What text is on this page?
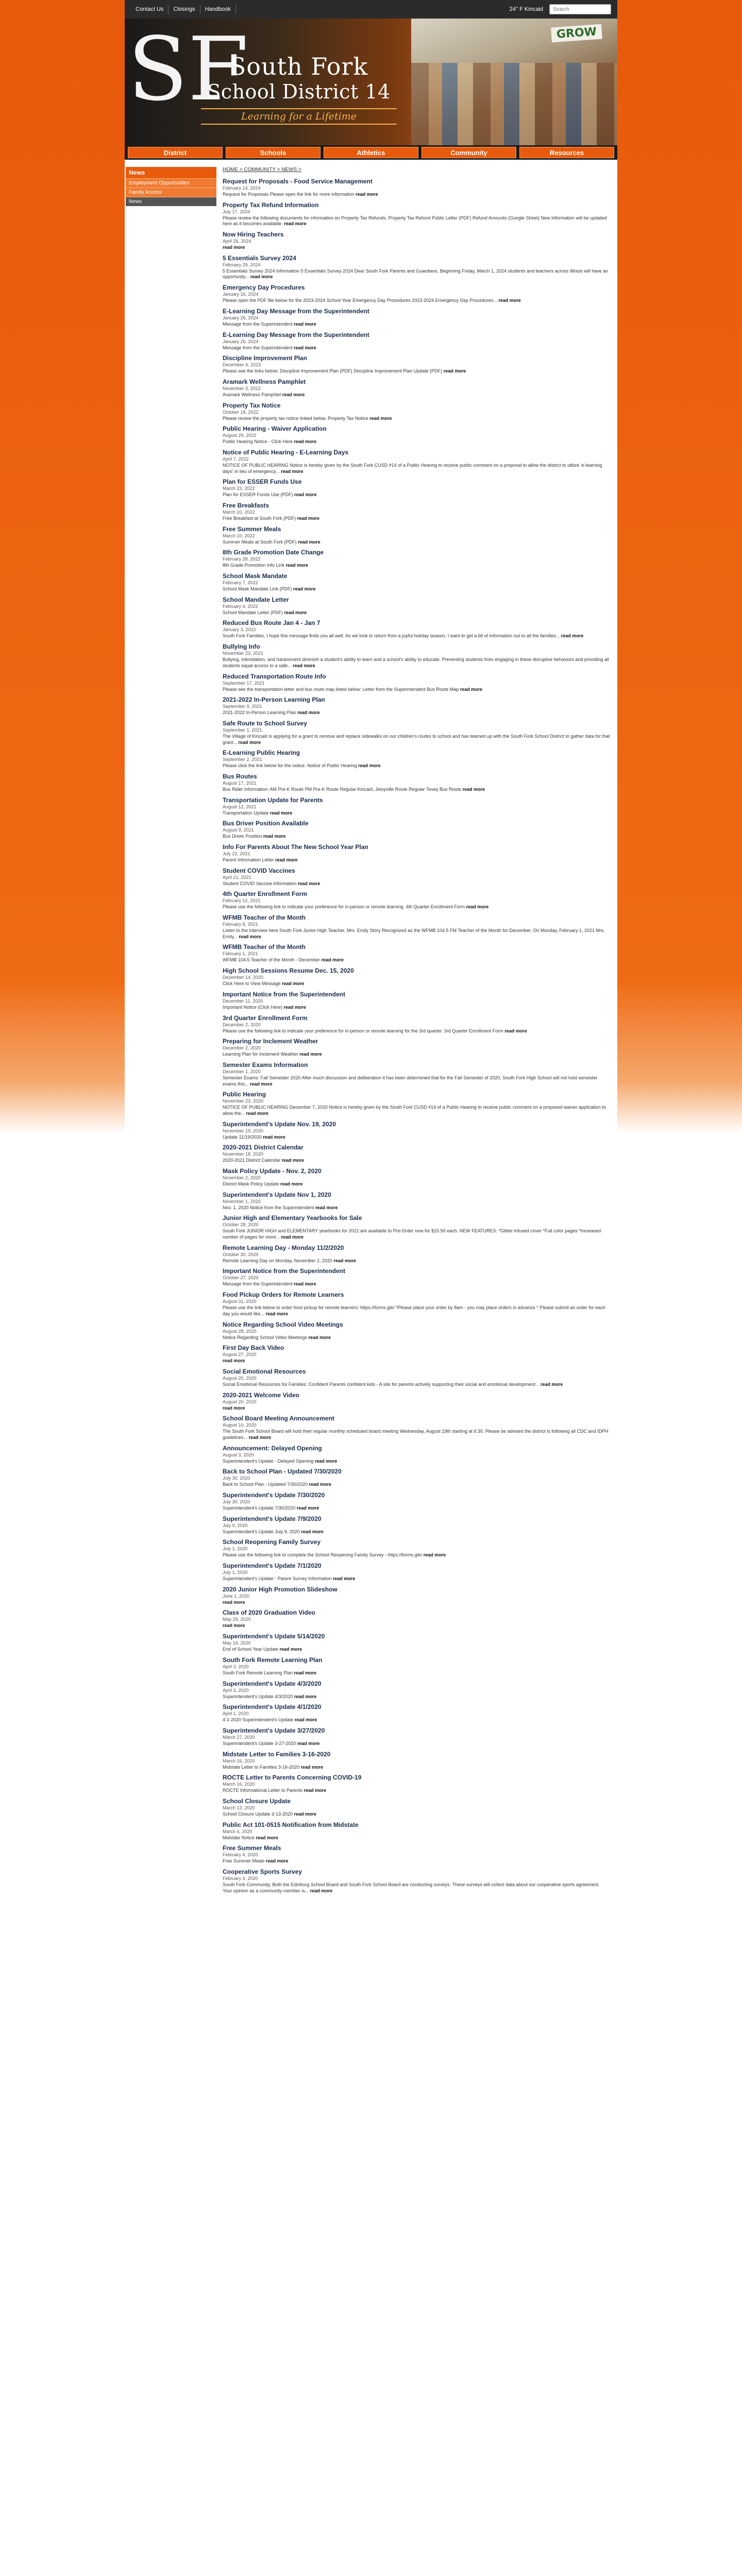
Contact Us	Closings	Handbook	24° F Kincaid
Search
SF
South Fork
School District 14
Learning for a Lifetime
GROW
District	Schools	Athletics	Community	Resources
News
Employment Opportunities
Family Access
News
HOME > COMMUNITY > NEWS >
Request for Proposals - Food Service Management
February 14, 2024
Request for Proposals Please open the link for more information read more
Property Tax Refund Information
July 17, 2024
Please review the following documents for information on Property Tax Refunds. Property Tax Refund Public Letter (PDF) Refund Amounts (Google Sheet) New Information will be updated here as it becomes available. read more
Now Hiring Teachers
April 26, 2024
read more
5 Essentials Survey 2024
February 29, 2024
5 Essentials Survey 2024 Information 5 Essentials Survey 2024 Dear South Fork Parents and Guardians, Beginning Friday, March 1, 2024 students and teachers across Illinois will have an opportunity... read more
Emergency Day Procedures
January 16, 2024
Please open the PDF file below for the 2023-2024 School Year Emergency Day Procedures 2023-2024 Emergency Day Procedures... read more
E-Learning Day Message from the Superintendent
January 26, 2024
Message from the Superintendent read more
E-Learning Day Message from the Superintendent
January 26, 2024
Message from the Superintendent read more
Discipline Improvement Plan
December 4, 2023
Please see the links below: Discipline Improvement Plan (PDF) Discipline Improvement Plan Update (PDF) read more
Aramark Wellness Pamphlet
November 3, 2022
Aramark Wellness Pamphlet read more
Property Tax Notice
October 18, 2022
Please review the property tax notice linked below. Property Tax Notice read more
Public Hearing - Waiver Application
August 29, 2022
Public Hearing Notice - Click Here read more
Notice of Public Hearing - E-Learning Days
April 7, 2022
NOTICE OF PUBLIC HEARING Notice is hereby given by the South Fork CUSD #14 of a Public Hearing to receive public comment on a proposal to allow the district to utilize 'e-learning days' in lieu of emergency... read more
Plan for ESSER Funds Use
March 23, 2022
Plan for ESSER Funds Use (PDF) read more
Free Breakfasts
March 10, 2022
Free Breakfast at South Fork (PDF) read more
Free Summer Meals
March 10, 2022
Summer Meals at South Fork (PDF) read more
8th Grade Promotion Date Change
February 28, 2022
8th Grade Promotion Info Link read more
School Mask Mandate
February 7, 2022
School Mask Mandate Link (PDF) read more
School Mandate Letter
February 4, 2022
School Mandate Letter (PDF) read more
Reduced Bus Route Jan 4 - Jan 7
January 3, 2022
South Fork Families, I hope this message finds you all well. As we look to return from a joyful holiday season, I want to get a bit of information out to all the families... read more
Bullying Info
November 23, 2021
Bullying, intimidation, and harassment diminish a student's ability to learn and a school's ability to educate. Preventing students from engaging in these disruptive behaviors and providing all students equal access to a safe... read more
Reduced Transportation Route Info
September 17, 2021
Please see the transportation letter and bus route map listed below: Letter from the Superintendent Bus Route Map read more
2021-2022 In-Person Learning Plan
September 9, 2021
2021-2022 In-Person Learning Plan read more
Safe Route to School Survey
September 1, 2021
The Village of Kincaid is applying for a grant to remove and replace sidewalks on our children's routes to school and has teamed up with the South Fork School District to gather data for that grant... read more
E-Learning Public Hearing
September 2, 2021
Please click the link below for the notice. Notice of Public Hearing read more
Bus Routes
August 17, 2021
Bus Rider Information: AM Pre-K Route PM Pre-K Route Regular Kincaid, Jeisyville Route Regular Tovey Bus Route read more
Transportation Update for Parents
August 12, 2021
Transportation Update read more
Bus Driver Position Available
August 9, 2021
Bus Driver Position read more
Info For Parents About The New School Year Plan
July 22, 2021
Parent Information Letter read more
Student COVID Vaccines
April 21, 2021
Student COVID Vaccine Information read more
4th Quarter Enrollment Form
February 12, 2021
Please use the following link to indicate your preference for in-person or remote learning. 4th Quarter Enrollment Form read more
WFMB Teacher of the Month
February 8, 2021
Listen to the interview here South Fork Junior High Teacher, Mrs. Emily Story Recognized as the WFMB 104.5 FM Teacher of the Month for December. On Monday, February 1, 2021 Mrs. Emily... read more
WFMB Teacher of the Month
February 1, 2021
WFMB 104.5 Teacher of the Month - December read more
High School Sessions Resume Dec. 15, 2020
December 14, 2020
Click Here to View Message read more
Important Notice from the Superintendent
December 11, 2020
Important Notice (Click Here) read more
3rd Quarter Enrollment Form
December 2, 2020
Please use the following link to indicate your preference for in-person or remote learning for the 3rd quarter. 3rd Quarter Enrollment Form read more
Preparing for Inclement Weather
December 2, 2020
Learning Plan for Inclement Weather read more
Semester Exams Information
December 1, 2020
Semester Exams: Fall Semester 2020 After much discussion and deliberation it has been determined that for the Fall Semester of 2020, South Fork High School will not hold semester exams this... read more
Public Hearing
November 23, 2020
NOTICE OF PUBLIC HEARING December 7, 2020 Notice is hereby given by the South Fork CUSD #14 of a Public Hearing to receive public comment on a proposed waiver application to allow the... read more
Superintendent's Update Nov. 19, 2020
November 19, 2020
Update 11/19/2020 read more
2020-2021 District Calendar
November 18, 2020
2020-2021 District Calendar read more
Mask Policy Update - Nov. 2, 2020
November 2, 2020
District Mask Policy Update read more
Superintendent's Update Nov 1, 2020
November 1, 2020
Nov. 1, 2020 Notice from the Superintendent read more
Junior High and Elementary Yearbooks for Sale
October 28, 2020
South Fork JUNIOR HIGH and ELEMENTARY yearbooks for 2021 are available to Pre-Order now for $15.50 each. NEW FEATURES: *Glitter infused cover *Full color pages *Increased number of pages for more... read more
Remote Learning Day - Monday 11/2/2020
October 30, 2020
Remote Learning Day on Monday, November 2, 2020 read more
Important Notice from the Superintendent
October 27, 2020
Message from the Superintendent read more
Food Pickup Orders for Remote Learners
August 31, 2020
Please use the link below to order food pickup for remote learners: https://forms.gle/ *Please place your order by 8am - you may place orders in advance * Please submit an order for each day you would like... read more
Notice Regarding School Video Meetings
August 28, 2020
Notice Regarding School Video Meetings read more
First Day Back Video
August 27, 2020
read more
Social Emotional Resources
August 20, 2020
Social Emotional Resources for Families: Confident Parents confident kids - A site for parents actively supporting their social and emotional development... read more
2020-2021 Welcome Video
August 20, 2020
read more
School Board Meeting Announcement
August 10, 2020
The South Fork School Board will hold their regular monthly scheduled board meeting Wednesday, August 19th starting at 6:30. Please be advised the district is following all CDC and IDPH guidelines... read more
Announcement: Delayed Opening
August 3, 2020
Superintendent's Update - Delayed Opening read more
Back to School Plan - Updated 7/30/2020
July 30, 2020
Back to School Plan - Updated 7/30/2020 read more
Superintendent's Update 7/30/2020
July 30, 2020
Superintendent's Update 7/30/2020 read more
Superintendent's Update 7/9/2020
July 9, 2020
Superintendent's Update July 9, 2020 read more
School Reopening Family Survey
July 1, 2020
Please use the following link to complete the School Reopening Family Survey - https://forms.gle/ read more
Superintendent's Update 7/1/2020
July 1, 2020
Superintendent's Update - Parent Survey Information read more
2020 Junior High Promotion Slideshow
June 1, 2020
read more
Class of 2020 Graduation Video
May 29, 2020
read more
Superintendent's Update 5/14/2020
May 14, 2020
End of School Year Update read more
South Fork Remote Learning Plan
April 3, 2020
South Fork Remote Learning Plan read more
Superintendent's Update 4/3/2020
April 3, 2020
Superintendent's Update 4/3/2020 read more
Superintendent's Update 4/1/2020
April 1, 2020
4-1-2020 Superintendent's Update read more
Superintendent's Update 3/27/2020
March 27, 2020
Superintendent's Update 3-27-2020 read more
Midstate Letter to Families 3-16-2020
March 16, 2020
Midstate Letter to Families 3-16-2020 read more
ROCTE Letter to Parents Concerning COVID-19
March 16, 2020
ROCTE Informational Letter to Parents read more
School Closure Update
March 13, 2020
School Closure Update 3-13-2020 read more
Public Act 101-0515 Notification from Midstate
March 6, 2020
Midstate Notice read more
Free Summer Meals
February 4, 2020
Free Summer Meals read more
Cooperative Sports Survey
February 3, 2020
South Fork Community, Both the Edinburg School Board and South Fork School Board are conducting surveys. These surveys will collect data about our cooperative sports agreement. Your opinion as a community member is... read more
